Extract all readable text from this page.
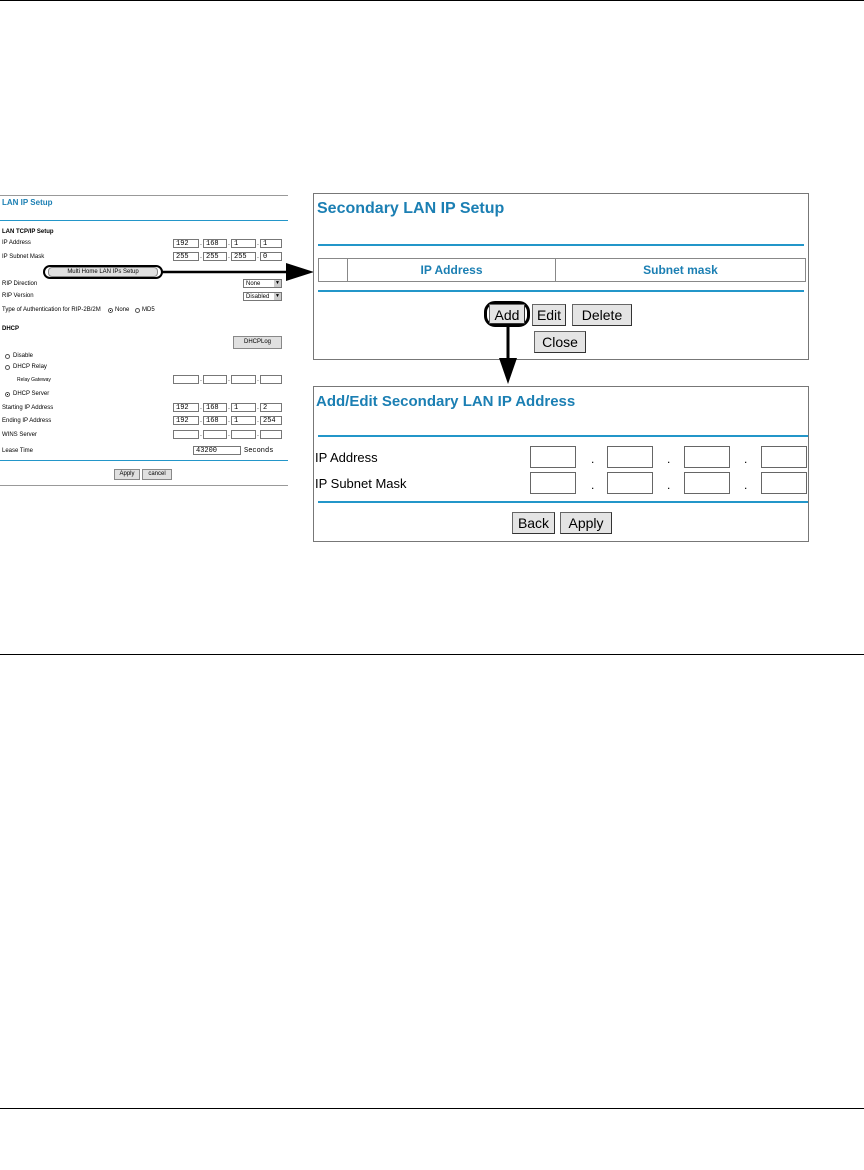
LAN IP Setup
LAN TCP/IP Setup
IP Address	192	. 168	. 1	. 1
IP Subnet Mask	255	. 255	. 255	. 0
Multi Home LAN IPs Setup
RIP Direction	None ▼
RIP Version	Disabled ▼
Type of Authentication for RIP-2B/2M None MD5
DHCP
DHCPLog
Disable
DHCP Relay
Relay Gateway	.	.	.
DHCP Server
Starting IP Address	192	. 168	. 1	. 2
Ending IP Address	192	. 168	. 1	. 254
WINS Server	.	.	.
Lease Time	43200	Seconds
Apply	cancel
Secondary LAN IP Setup
IP Address	Subnet mask
Add	Edit	Delete
Close
Add/Edit Secondary LAN IP Address
IP Address	.	.	.
IP Subnet Mask	.	.	.
Back	Apply
